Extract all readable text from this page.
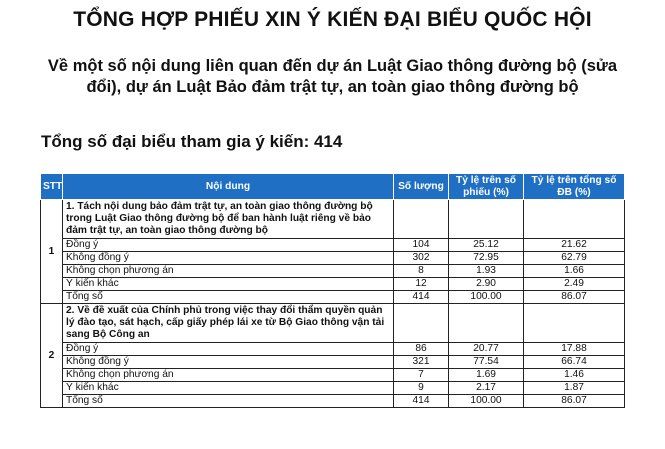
TỔNG HỢP PHIẾU XIN Ý KIẾN ĐẠI BIỂU QUỐC HỘI
Về một số nội dung liên quan đến dự án Luật Giao thông đường bộ (sửa đổi), dự án Luật Bảo đảm trật tự, an toàn giao thông đường bộ
Tổng số đại biểu tham gia ý kiến: 414
STT	Nội dung	Số lượng	Tỷ lệ trên số phiếu (%)	Tỷ lệ trên tổng số ĐB (%)
1	1. Tách nội dung bảo đảm trật tự, an toàn giao thông đường bộ trong Luật Giao thông đường bộ để ban hành luật riêng về bảo đảm trật tự, an toàn giao thông đường bộ			
	Đồng ý	104	25.12	21.62
	Không đồng ý	302	72.95	62.79
	Không chọn phương án	8	1.93	1.66
	Ý kiến khác	12	2.90	2.49
	Tổng số	414	100.00	86.07
2	2. Về đề xuất của Chính phủ trong việc thay đổi thẩm quyền quản lý đào tạo, sát hạch, cấp giấy phép lái xe từ Bộ Giao thông vận tải sang Bộ Công an			
	Đồng ý	86	20.77	17.88
	Không đồng ý	321	77.54	66.74
	Không chọn phương án	7	1.69	1.46
	Ý kiến khác	9	2.17	1.87
	Tổng số	414	100.00	86.07
